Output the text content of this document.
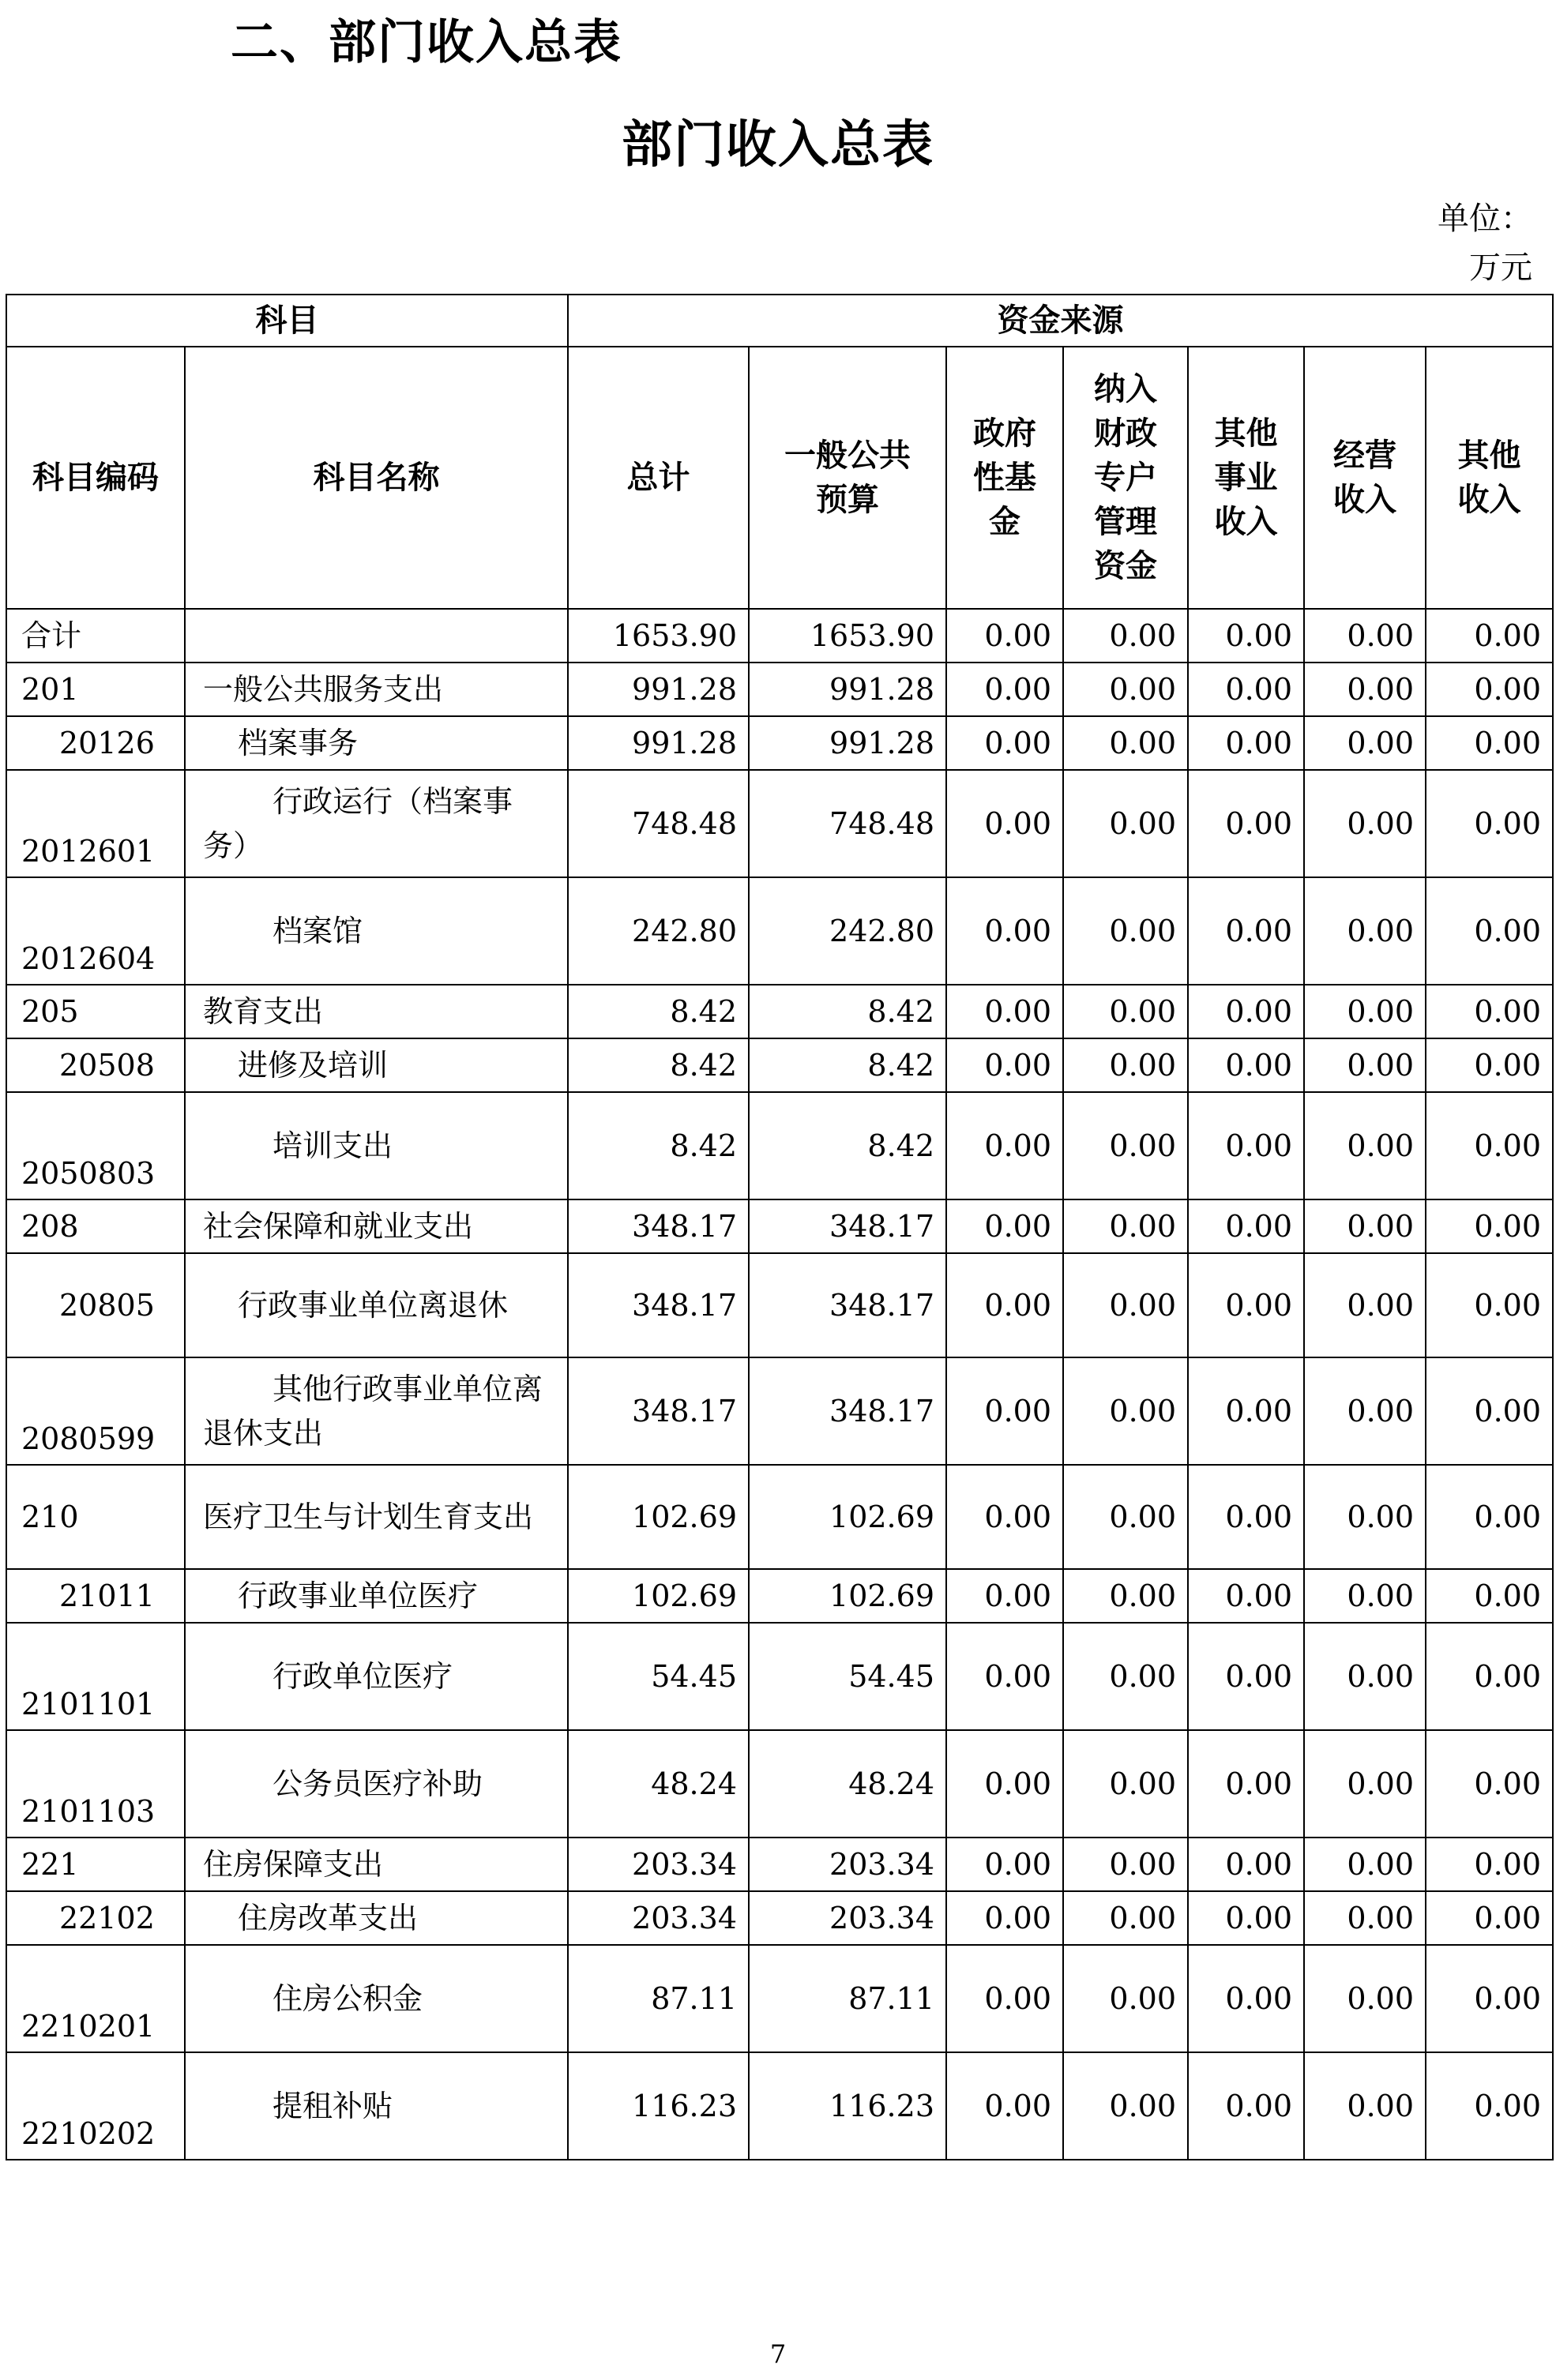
二、部门收入总表
部门收入总表
单位：万元
科目		资金来源						
科目编码	科目名称	总计	一般公共预算	政府性基金	纳入财政专户管理资金	其他事业收入	经营收入	其他收入
合计		1653.90	1653.90	0.00	0.00	0.00	0.00	0.00
201	一般公共服务支出	991.28	991.28	0.00	0.00	0.00	0.00	0.00
20126	档案事务	991.28	991.28	0.00	0.00	0.00	0.00	0.00
2012601	行政运行（档案事务）	748.48	748.48	0.00	0.00	0.00	0.00	0.00
2012604	档案馆	242.80	242.80	0.00	0.00	0.00	0.00	0.00
205	教育支出	8.42	8.42	0.00	0.00	0.00	0.00	0.00
20508	进修及培训	8.42	8.42	0.00	0.00	0.00	0.00	0.00
2050803	培训支出	8.42	8.42	0.00	0.00	0.00	0.00	0.00
208	社会保障和就业支出	348.17	348.17	0.00	0.00	0.00	0.00	0.00
20805	行政事业单位离退休	348.17	348.17	0.00	0.00	0.00	0.00	0.00
2080599	其他行政事业单位离退休支出	348.17	348.17	0.00	0.00	0.00	0.00	0.00
210	医疗卫生与计划生育支出	102.69	102.69	0.00	0.00	0.00	0.00	0.00
21011	行政事业单位医疗	102.69	102.69	0.00	0.00	0.00	0.00	0.00
2101101	行政单位医疗	54.45	54.45	0.00	0.00	0.00	0.00	0.00
2101103	公务员医疗补助	48.24	48.24	0.00	0.00	0.00	0.00	0.00
221	住房保障支出	203.34	203.34	0.00	0.00	0.00	0.00	0.00
22102	住房改革支出	203.34	203.34	0.00	0.00	0.00	0.00	0.00
2210201	住房公积金	87.11	87.11	0.00	0.00	0.00	0.00	0.00
2210202	提租补贴	116.23	116.23	0.00	0.00	0.00	0.00	0.00
7
